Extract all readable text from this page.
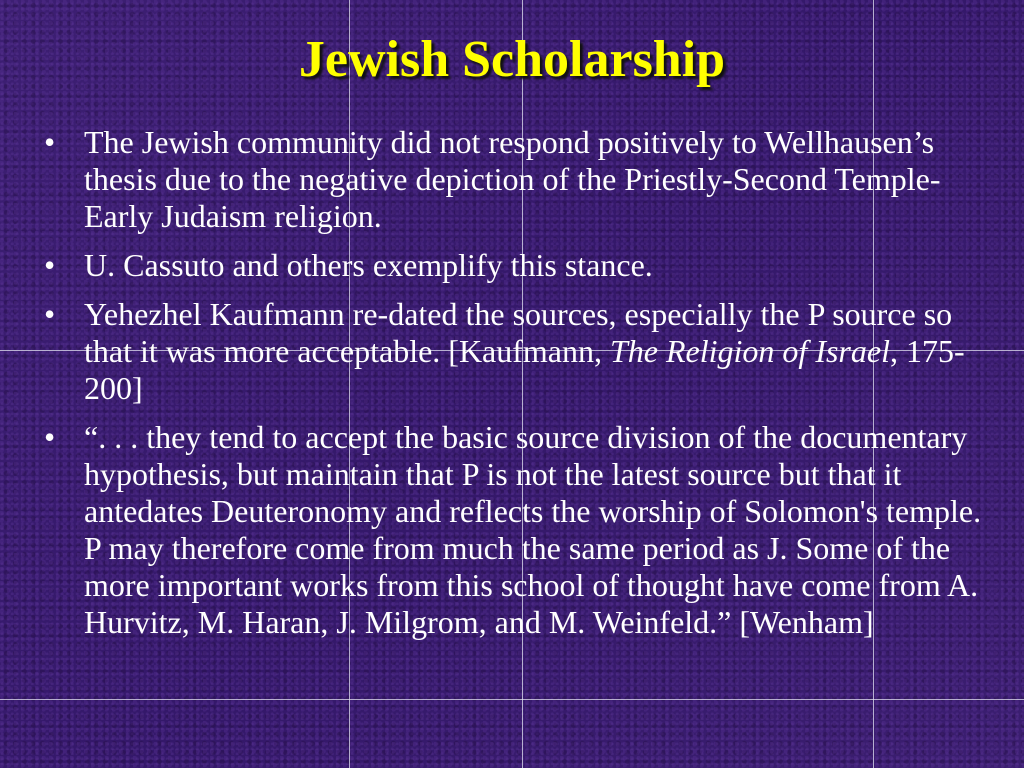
Jewish Scholarship
• The Jewish community did not respond positively to Wellhausen’s thesis due to the negative depiction of the Priestly-Second Temple-Early Judaism religion.
• U. Cassuto and others exemplify this stance.
• Yehezhel Kaufmann re-dated the sources, especially the P source so that it was more acceptable. [Kaufmann, The Religion of Israel, 175-200]
• “. . . they tend to accept the basic source division of the documentary hypothesis, but maintain that P is not the latest source but that it antedates Deuteronomy and reflects the worship of Solomon's temple. P may therefore come from much the same period as J. Some of the more important works from this school of thought have come from A. Hurvitz, M. Haran, J. Milgrom, and M. Weinfeld.” [Wenham]
